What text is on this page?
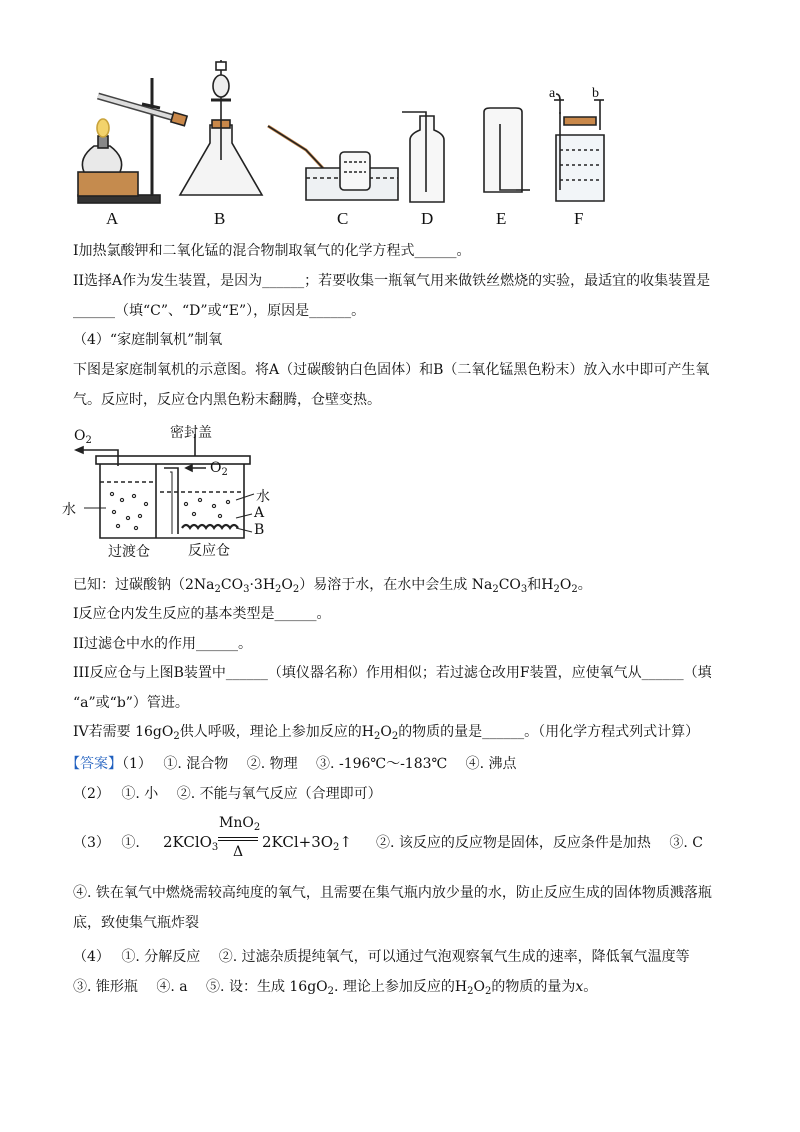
A	B	C	D	E	F
a	b
I加热氯酸钾和二氧化锰的混合物制取氧气的化学方程式______。
II选择A作为发生装置，是因为______；若要收集一瓶氧气用来做铁丝燃烧的实验，最适宜的收集装置是
______（填“C”、“D”或“E”），原因是______。
（4）“家庭制氧机”制氧
下图是家庭制氧机的示意图。将A（过碳酸钠白色固体）和B（二氧化锰黑色粉末）放入水中即可产生氧
气。反应时，反应仓内黑色粉末翻腾，仓壁变热。
$O_2$	密封盖
$O_2$
水
水
A
B
过渡仓	反应仓
已知：过碳酸钠$(2Na_2CO_3\cdot 3H_2O_2)$易溶于水，在水中会生成 $Na_2CO_3$和$H_2O_2$。
I反应仓内发生反应的基本类型是______。
II过滤仓中水的作用______。
III反应仓与上图B装置中______（填仪器名称）作用相似；若过滤仓改用F装置，应使氧气从______（填
“a”或“b”）管进。
IV若需要 $16gO_2$供人呼吸，理论上参加反应的$H_2O_2$的物质的量是______。（用化学方程式列式计算）
【答案】（1）　 ①. 混合物　 ②. 物理　 ③. -196℃～-183℃　 ④. 沸点
（2）　 ①. 小　 ②. 不能与氧气反应（合理即可）
（3）　 ①. 2KClO$_3$
MnO$_2$
Δ
$2KCl+3O_2↑$ ②. 该反应的反应物是固体，反应条件是加热　 ③. C
④. 铁在氧气中燃烧需较高纯度的氧气，且需要在集气瓶内放少量的水，防止反应生成的固体物质溅落瓶
底，致使集气瓶炸裂
（4）　 ①. 分解反应　 ②. 过滤杂质提纯氧气，可以通过气泡观察氧气生成的速率，降低氧气温度等
③. 锥形瓶　 ④. a　 ⑤. 设：生成 $16gO_2$. 理论上参加反应的$H_2O_2$的物质的量为x。
